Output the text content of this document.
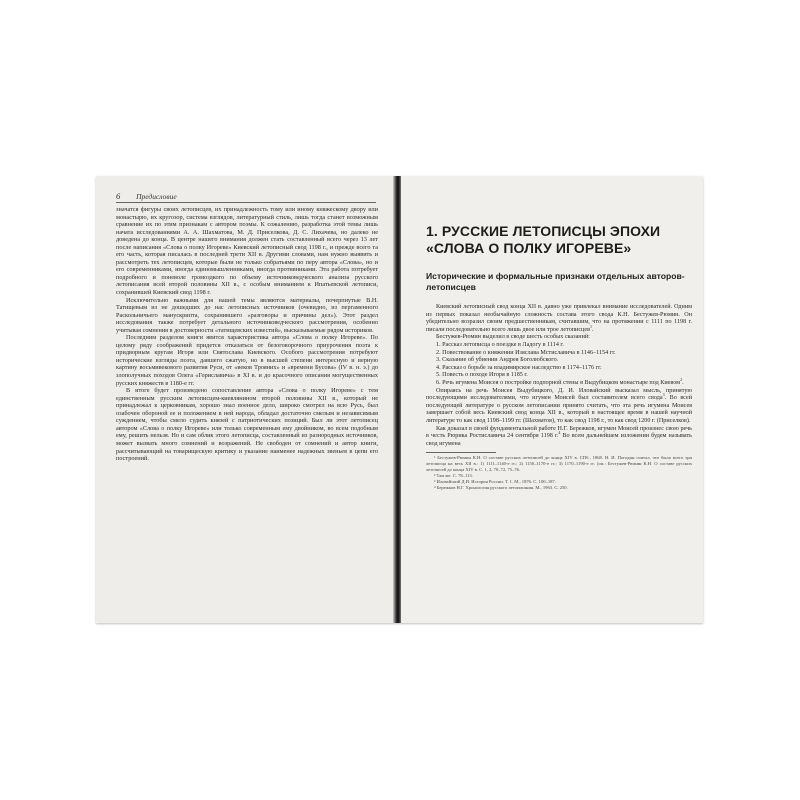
6 Предисловие

значатся фигуры своих летописцев, их принадлежность тому или иному княжескому двору или монастырю, их кругозор, система взглядов, литературный стиль, лишь тогда станет возможным сравнение их по этим признакам с автором поэмы. К сожалению, разработка этой темы лишь начата исследованиями А. А. Шахматова, М. Д. Приселкова, Д. С. Лихачева, но далеко не доведена до конца. В центре нашего внимания должен стать составленный всего через 13 лет после написания «Слова о полку Игореве» Киевский летописный свод 1198 г., и прежде всего та его часть, которая писалась в последней трети XII в. Другими словами, нам нужно выявить и рассмотреть тех летописцев, которые были не только собратьями по перу автора «Слова», но и его современниками, иногда единомышленниками, иногда противниками. Эта работа потребует подробного и поневоле громоздкого по объему источниковедческого анализа русского летописания всей второй половины XII в., с особым вниманием к Ипатьевской летописи, сохранившей Киевский свод 1198 г.

Исключительно важными для нашей темы являются материалы, почерпнутые В.Н. Татищевым из не дошедших до нас летописных источников (очевидно, из пергаменного Раскольничьего манускрипта, сохранившего «разговоры и причины дел»). Этот раздел исследования также потребует детального источниковедческого рассмотрения, особенно учитывая сомнения в достоверности «татищевских известий», высказываемые рядом историков.

Последним разделом книги явится характеристика автора «Слова о полку Игореве». По целому ряду соображений придется отказаться от безоговорочного приурочения поэта к придворным кругам Игоря или Святослава Киевского. Особого рассмотрения потребуют исторические взгляды поэта, давшего сжатую, но в высшей степени интересную и верную картину восьмивекового развития Руси, от «веков Трояних» и «времени Бусова» (IV в. н. э.) до злополучных походов Олега «Гориславича» в XI в. и до красочного описания могущественных русских княжеств в 1180-е гг.

В итоге будет произведено сопоставление автора «Слова о полку Игореве» с тем единственным русским летописцем-киевлянином второй половины XII в., который не принадлежал к церковникам, хорошо знал военное дело, широко смотрел на всю Русь, был озабочен обороной ее и положением в ней народа, обладал достаточно смелым и независимым суждением, чтобы смело судить князей с патриотических позиций. Был ли этот летописец автором «Слова о полку Игореве» или только современным ему двойником, во всем подобным ему, решить нельзя. Но и сам облик этого летописца, составленный из разнородных источников, может вызвать много сомнений и возражений. Не свободен от сомнений и автор книги, рассчитывающий на товарищескую критику и указание наименее надежных звеньев в цепи его построений.

1. РУССКИЕ ЛЕТОПИСЦЫ ЭПОХИ «СЛОВА О ПОЛКУ ИГОРЕВЕ»
Исторические и формальные признаки отдельных авторов-летописцев

Киевский летописный свод конца XII в. давно уже привлекал внимание исследователей. Одним из первых показал необычайную сложность состава этого свода К.Н. Бестужев-Рюмин. Он убедительно возразил своим предшественникам, считавшим, что на протяжении с 1111 по 1198 г. писали последовательно всего лишь двое или трое летописцев$^1$.

Бестужев-Рюмин выделил в своде шесть особых сказаний:

1. Рассказ летописца о поездке в Ладогу в 1114 г.

2. Повествование о княжении Изяслава Мстиславича в 1146–1154 гг.

3. Сказание об убиении Андрея Боголюбского.

4. Рассказ о борьбе за владимирское наследство в 1174–1176 гг.

5. Повесть о походе Игоря в 1185 г.

6. Речь игумена Моисея о постройке подпорной стены в Выдубицком монастыре под Киевом$^2$.

Опираясь на речь Моисея Выдубицкого, Д. И. Иловайский высказал мысль, принятую последующими исследователями, что игумен Моисей был составителем всего свода$^3$. Во всей последующей литературе о русском летописании принято считать, что эта речь игумена Моисея завершает собой весь Киевский свод конца XII в., который в настоящее время в нашей научной литературе то как свод 1198–1199 гг. (Шахматов), то как свод 1198 г., то как свод 1200 г. (Приселков).

Как доказал в своей фундаментальной работе Н.Г. Бережков, игумен Моисей произнес свою речь в честь Рюрика Ростиславича 24 сентября 1198 г.$^4$ Во всем дальнейшем изложении будем называть свод игумена

¹ Бестужев-Рюмин К.Н. О составе русских летописей до конца XIV в. СПб., 1868. Н. И. Погодин считал, что было всего три летописца на весь XII в.: 1) 1111–1140-е гг.; 2) 1150–1170-е гг.; 3) 1170–1190-е гг. (см.: Бестужев-Рюмин К.Н. О составе русских летописей до конца XIV в. С. 1, 2, 70–72, 75–76.

² Там же. С. 78–113.

³ Иловайский Д.И. История России. Т. 1. М., 1876. С. 100–187.

⁴ Бережков Н.Г. Хронология русского летописания. М., 1963. С. 250.
